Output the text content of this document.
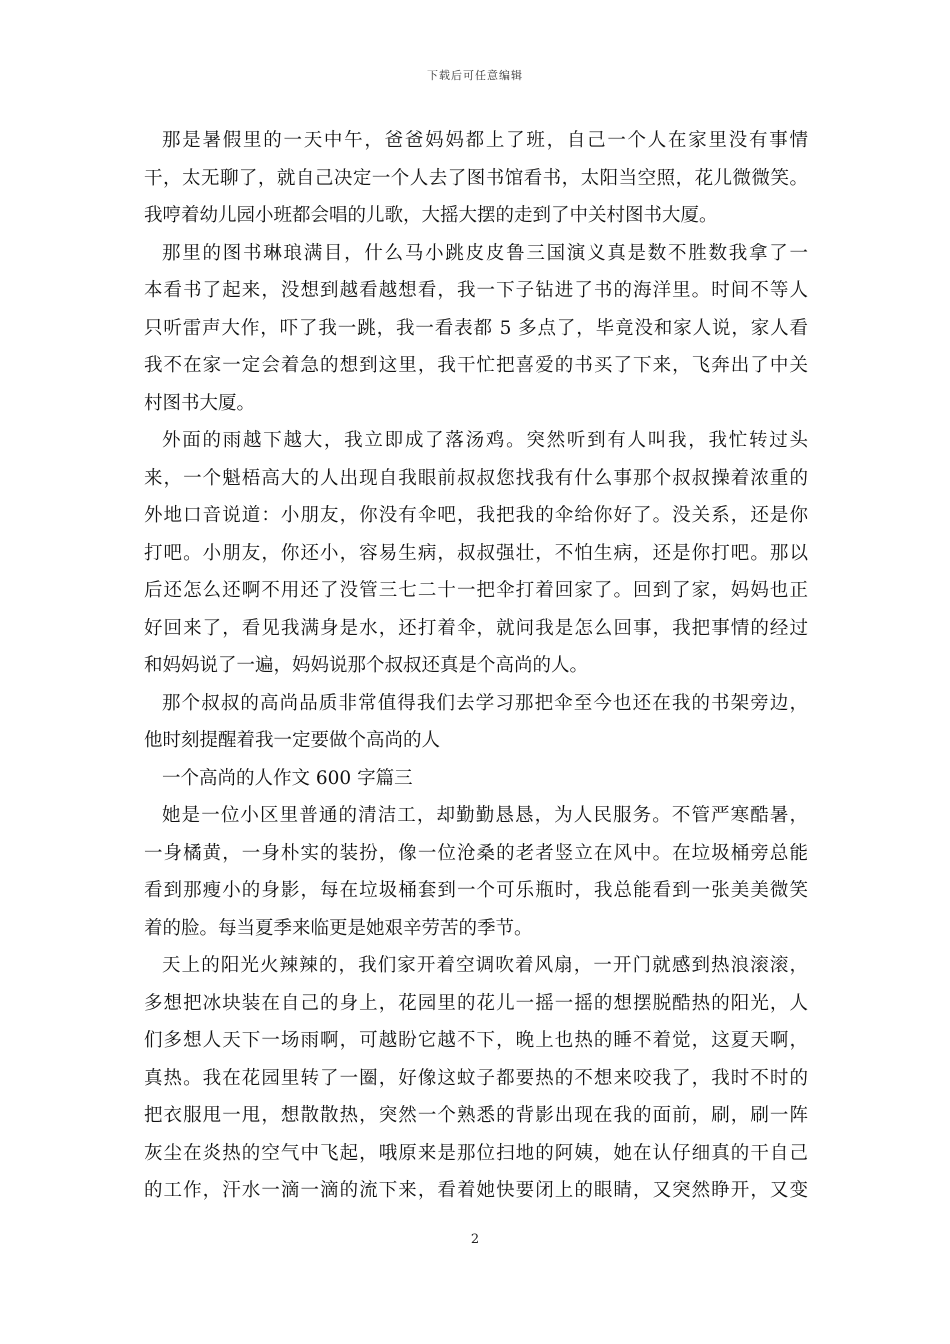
下载后可任意编辑
那是暑假里的一天中午，爸爸妈妈都上了班，自己一个人在家里没有事情
干，太无聊了，就自己决定一个人去了图书馆看书，太阳当空照，花儿微微笑。
我哼着幼儿园小班都会唱的儿歌，大摇大摆的走到了中关村图书大厦。
那里的图书琳琅满目，什么马小跳皮皮鲁三国演义真是数不胜数我拿了一
本看书了起来，没想到越看越想看，我一下子钻进了书的海洋里。时间不等人
只听雷声大作，吓了我一跳，我一看表都 5 多点了，毕竟没和家人说，家人看
我不在家一定会着急的想到这里，我干忙把喜爱的书买了下来，飞奔出了中关
村图书大厦。
外面的雨越下越大，我立即成了落汤鸡。突然听到有人叫我，我忙转过头
来，一个魁梧高大的人出现自我眼前叔叔您找我有什么事那个叔叔操着浓重的
外地口音说道：小朋友，你没有伞吧，我把我的伞给你好了。没关系，还是你
打吧。小朋友，你还小，容易生病，叔叔强壮，不怕生病，还是你打吧。那以
后还怎么还啊不用还了没管三七二十一把伞打着回家了。回到了家，妈妈也正
好回来了，看见我满身是水，还打着伞，就问我是怎么回事，我把事情的经过
和妈妈说了一遍，妈妈说那个叔叔还真是个高尚的人。
那个叔叔的高尚品质非常值得我们去学习那把伞至今也还在我的书架旁边，
他时刻提醒着我一定要做个高尚的人
一个高尚的人作文 600 字篇三
她是一位小区里普通的清洁工，却勤勤恳恳，为人民服务。不管严寒酷暑，
一身橘黄，一身朴实的装扮，像一位沧桑的老者竖立在风中。在垃圾桶旁总能
看到那瘦小的身影，每在垃圾桶套到一个可乐瓶时，我总能看到一张美美微笑
着的脸。每当夏季来临更是她艰辛劳苦的季节。
天上的阳光火辣辣的，我们家开着空调吹着风扇，一开门就感到热浪滚滚，
多想把冰块装在自己的身上，花园里的花儿一摇一摇的想摆脱酷热的阳光，人
们多想人天下一场雨啊，可越盼它越不下，晚上也热的睡不着觉，这夏天啊，
真热。我在花园里转了一圈，好像这蚊子都要热的不想来咬我了，我时不时的
把衣服甩一甩，想散散热，突然一个熟悉的背影出现在我的面前，刷，刷一阵
灰尘在炎热的空气中飞起，哦原来是那位扫地的阿姨，她在认仔细真的干自己
的工作，汗水一滴一滴的流下来，看着她快要闭上的眼睛，又突然睁开，又变
2
